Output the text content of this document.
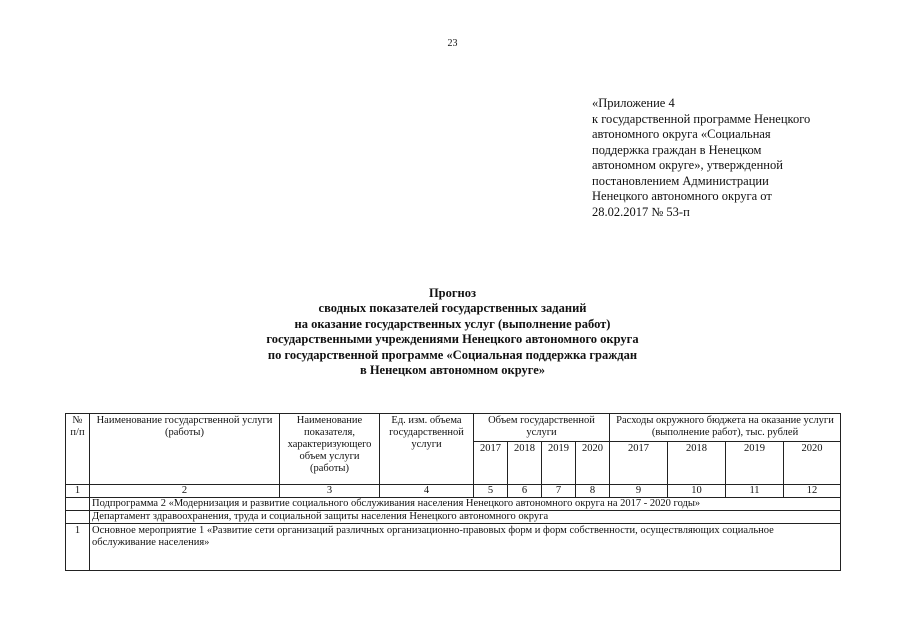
23
«Приложение 4
к государственной программе Ненецкого
автономного округа «Социальная
поддержка граждан в Ненецком
автономном округе», утвержденной
постановлением Администрации
Ненецкого автономного округа от
28.02.2017 № 53-п
Прогноз
сводных показателей государственных заданий
на оказание государственных услуг (выполнение работ)
государственными учреждениями Ненецкого автономного округа
по государственной программе «Социальная поддержка граждан
в Ненецком автономном округе»
№ п/п	Наименование государственной услуги (работы)	Наименование показателя, характеризующего объем услуги (работы)	Ед. изм. объема государственной услуги	Объем государственной услуги				Расходы окружного бюджета на оказание услуги (выполнение работ), тыс. рублей			
				2017	2018	2019	2020	2017	2018	2019	2020
1	2	3	4	5	6	7	8	9	10	11	12
	Подпрограмма 2 «Модернизация и развитие социального обслуживания населения Ненецкого автономного округа на 2017 - 2020 годы»										
	Департамент здравоохранения, труда и социальной защиты населения Ненецкого автономного округа										
1	Основное мероприятие 1 «Развитие сети организаций различных организационно-правовых форм и форм собственности, осуществляющих социальное обслуживание населения»										
